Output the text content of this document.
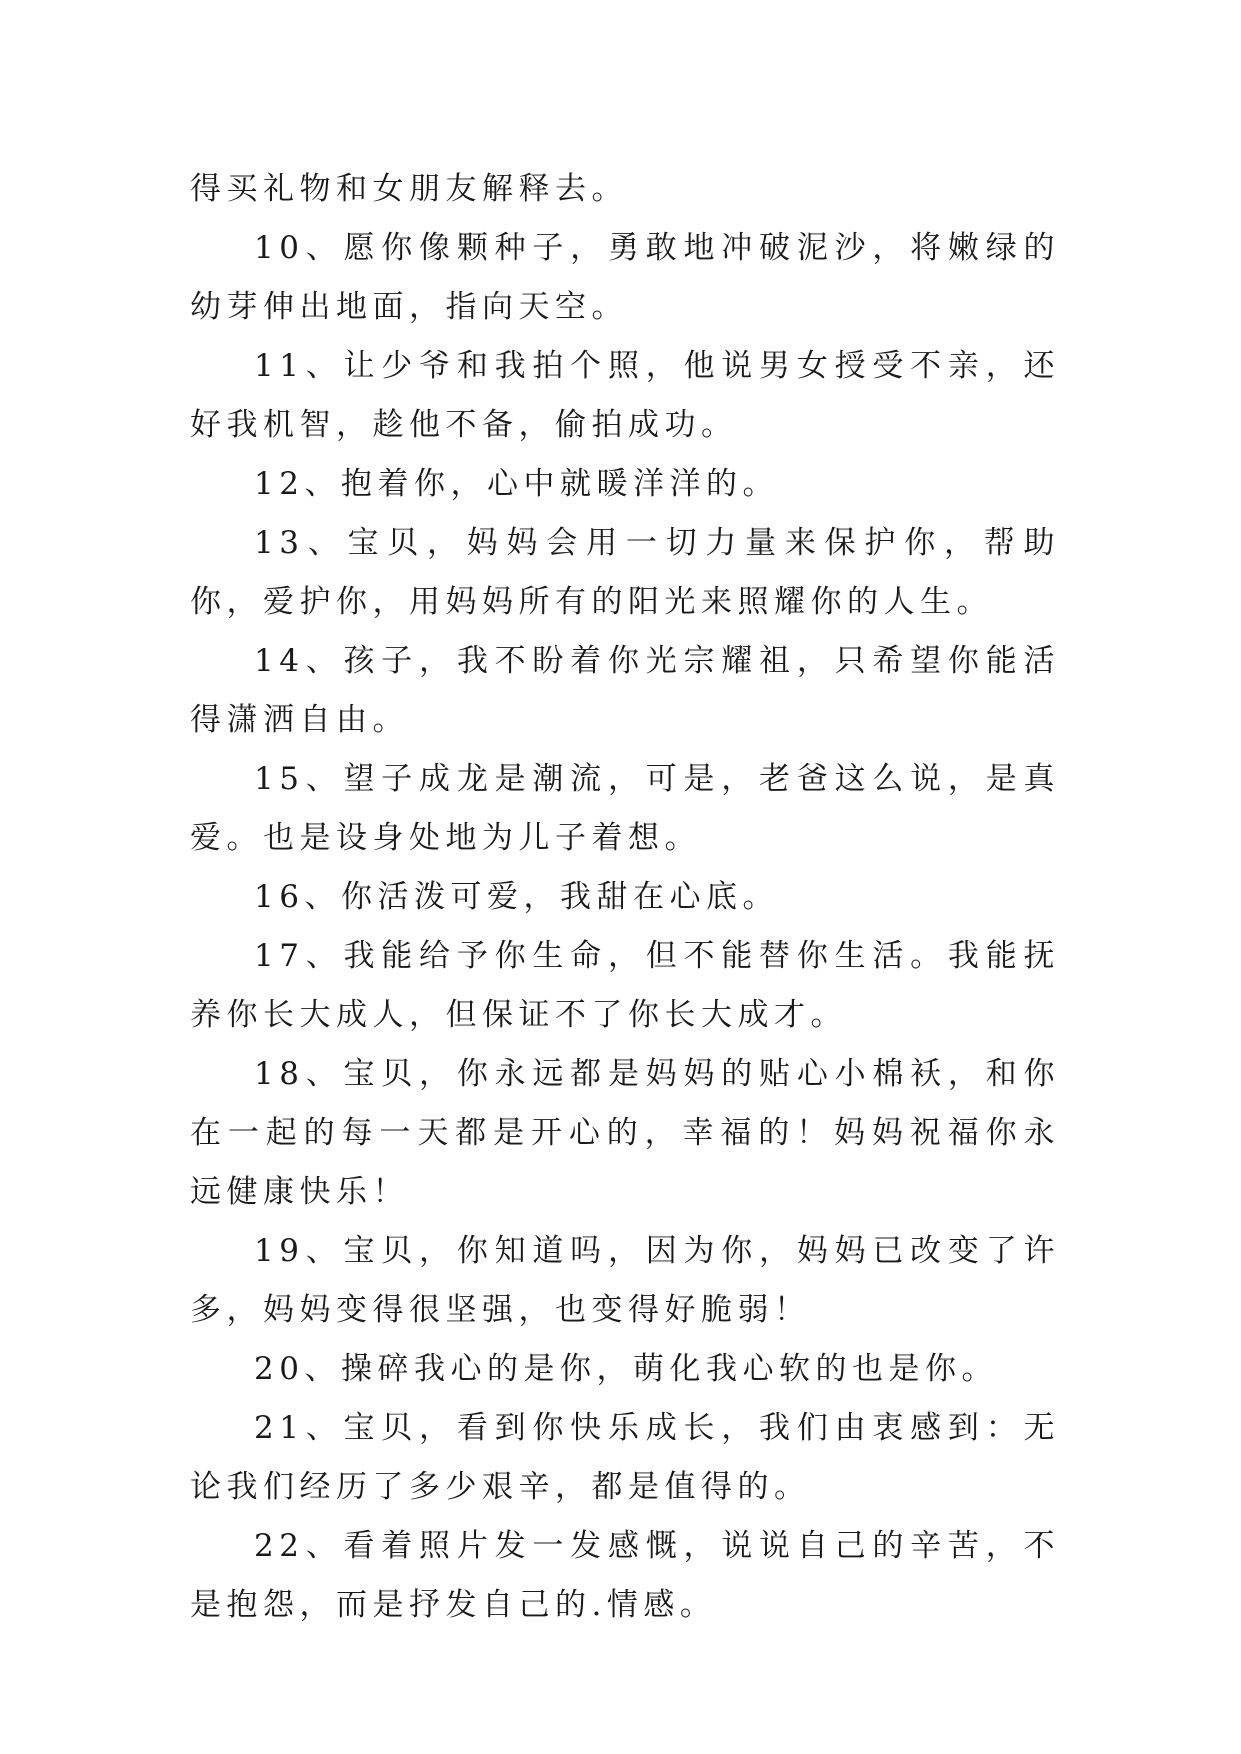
得买礼物和女朋友解释去。

10、愿你像颗种子，勇敢地冲破泥沙，将嫩绿的幼芽伸出地面，指向天空。

11、让少爷和我拍个照，他说男女授受不亲，还好我机智，趁他不备，偷拍成功。

12、抱着你，心中就暖洋洋的。

13、宝贝，妈妈会用一切力量来保护你，帮助你，爱护你，用妈妈所有的阳光来照耀你的人生。

14、孩子，我不盼着你光宗耀祖，只希望你能活得潇洒自由。

15、望子成龙是潮流，可是，老爸这么说，是真爱。也是设身处地为儿子着想。

16、你活泼可爱，我甜在心底。

17、我能给予你生命，但不能替你生活。我能抚养你长大成人，但保证不了你长大成才。

18、宝贝，你永远都是妈妈的贴心小棉袄，和你在一起的每一天都是开心的，幸福的！妈妈祝福你永远健康快乐！

19、宝贝，你知道吗，因为你，妈妈已改变了许多，妈妈变得很坚强，也变得好脆弱！

20、操碎我心的是你，萌化我心软的也是你。

21、宝贝，看到你快乐成长，我们由衷感到：无论我们经历了多少艰辛，都是值得的。

22、看着照片发一发感慨，说说自己的辛苦，不是抱怨，而是抒发自己的.情感。
